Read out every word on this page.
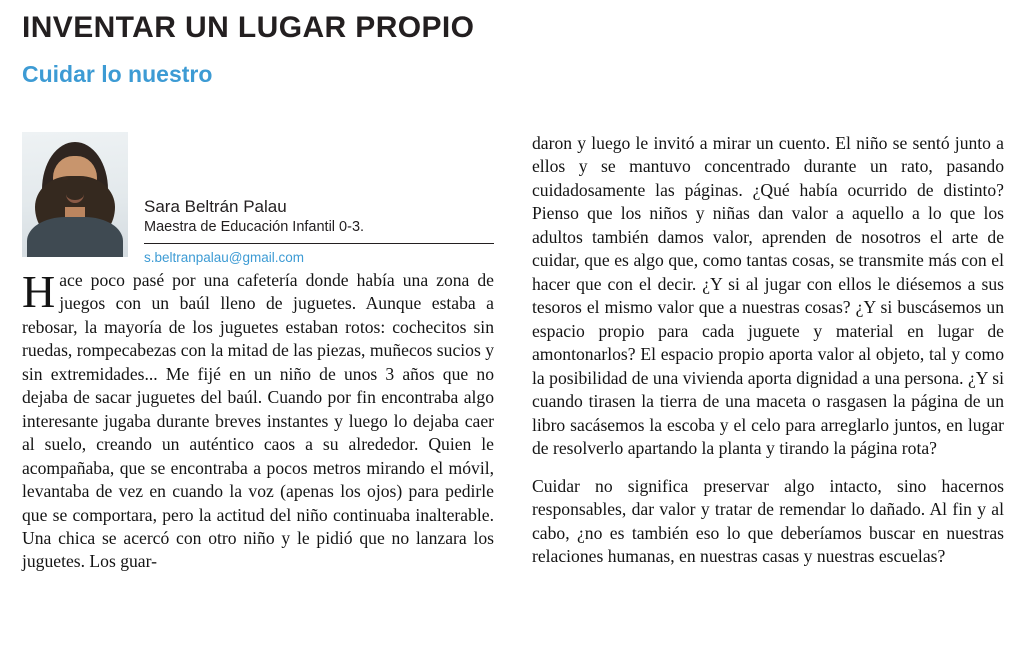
INVENTAR UN LUGAR PROPIO
Cuidar lo nuestro
Sara Beltrán Palau
Maestra de Educación Infantil 0-3.
s.beltranpalau@gmail.com

Hace poco pasé por una cafetería donde había una zona de juegos con un baúl lleno de juguetes. Aunque estaba a rebosar, la mayoría de los juguetes estaban rotos: cochecitos sin ruedas, rompecabezas con la mitad de las piezas, muñecos sucios y sin extremidades... Me fijé en un niño de unos 3 años que no dejaba de sacar juguetes del baúl. Cuando por fin encontraba algo interesante jugaba durante breves instantes y luego lo dejaba caer al suelo, creando un auténtico caos a su alrededor. Quien le acompañaba, que se encontraba a pocos metros mirando el móvil, levantaba de vez en cuando la voz (apenas los ojos) para pedirle que se comportara, pero la actitud del niño continuaba inalterable. Una chica se acercó con otro niño y le pidió que no lanzara los juguetes. Los guar-

daron y luego le invitó a mirar un cuento. El niño se sentó junto a ellos y se mantuvo concentrado durante un rato, pasando cuidadosamente las páginas. ¿Qué había ocurrido de distinto? Pienso que los niños y niñas dan valor a aquello a lo que los adultos también damos valor, aprenden de nosotros el arte de cuidar, que es algo que, como tantas cosas, se transmite más con el hacer que con el decir. ¿Y si al jugar con ellos le diésemos a sus tesoros el mismo valor que a nuestras cosas? ¿Y si buscásemos un espacio propio para cada juguete y material en lugar de amontonarlos? El espacio propio aporta valor al objeto, tal y como la posibilidad de una vivienda aporta dignidad a una persona. ¿Y si cuando tirasen la tierra de una maceta o rasgasen la página de un libro sacásemos la escoba y el celo para arreglarlo juntos, en lugar de resolverlo apartando la planta y tirando la página rota?

Cuidar no significa preservar algo intacto, sino hacernos responsables, dar valor y tratar de remendar lo dañado. Al fin y al cabo, ¿no es también eso lo que deberíamos buscar en nuestras relaciones humanas, en nuestras casas y nuestras escuelas?
